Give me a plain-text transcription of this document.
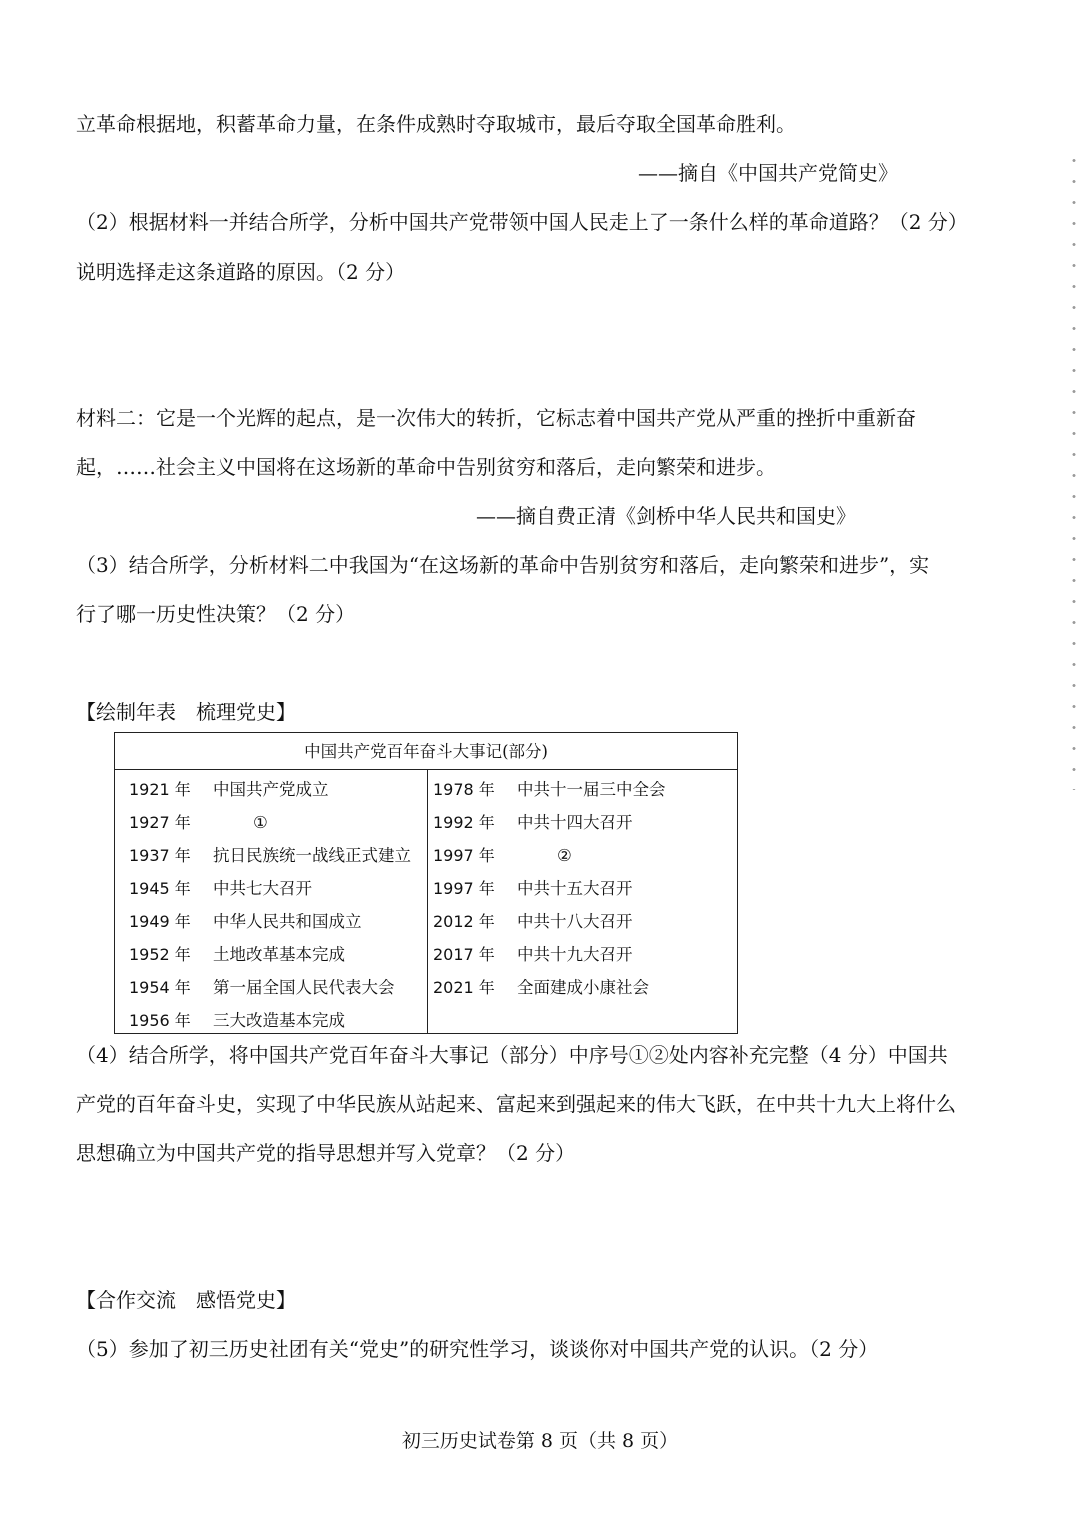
立革命根据地，积蓄革命力量，在条件成熟时夺取城市，最后夺取全国革命胜利。
——摘自《中国共产党简史》
（2）根据材料一并结合所学，分析中国共产党带领中国人民走上了一条什么样的革命道路？（2 分）
说明选择走这条道路的原因。（2 分）
材料二：它是一个光辉的起点，是一次伟大的转折，它标志着中国共产党从严重的挫折中重新奋
起，……社会主义中国将在这场新的革命中告别贫穷和落后，走向繁荣和进步。
——摘自费正清《剑桥中华人民共和国史》
（3）结合所学，分析材料二中我国为“在这场新的革命中告别贫穷和落后，走向繁荣和进步”，实
行了哪一历史性决策？（2 分）
【绘制年表　梳理党史】
中国共产党百年奋斗大事记(部分)
1921 年 中国共产党成立
1927 年	①
1937 年 抗日民族统一战线正式建立
1945 年 中共七大召开
1949 年 中华人民共和国成立
1952 年 土地改革基本完成
1954 年 第一届全国人民代表大会
1956 年 三大改造基本完成
1978 年 中共十一届三中全会
1992 年 中共十四大召开
1997 年	②
1997 年 中共十五大召开
2012 年 中共十八大召开
2017 年 中共十九大召开
2021 年 全面建成小康社会
（4）结合所学，将中国共产党百年奋斗大事记（部分）中序号①②处内容补充完整（4 分）中国共
产党的百年奋斗史，实现了中华民族从站起来、富起来到强起来的伟大飞跃，在中共十九大上将什么
思想确立为中国共产党的指导思想并写入党章？（2 分）
【合作交流　感悟党史】
（5）参加了初三历史社团有关“党史”的研究性学习，谈谈你对中国共产党的认识。（2 分）
初三历史试卷第 8 页（共 8 页）
